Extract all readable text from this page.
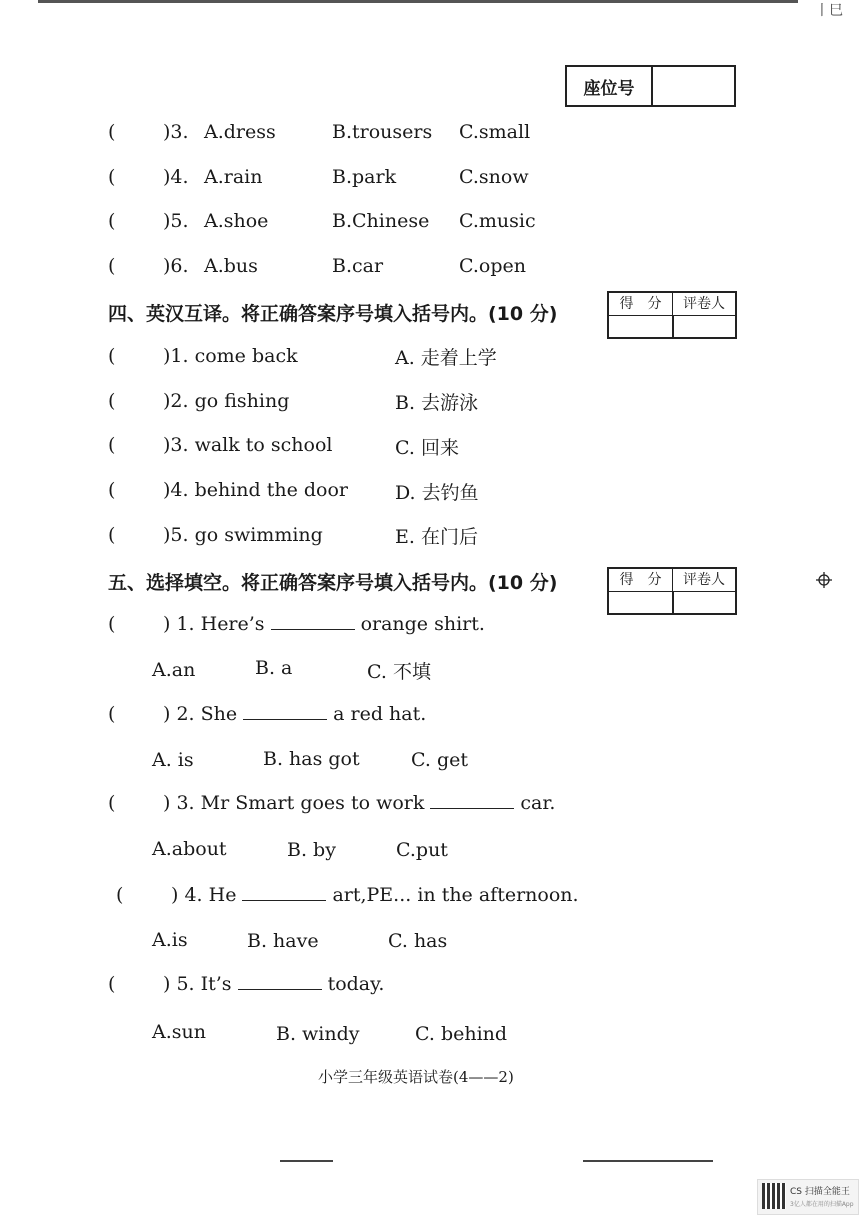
丨巳
座位号
(	)3. A.dress	B.trousers C.small
(	)4. A.rain	B.park	C.snow
(	)5. A.shoe	B.Chinese C.music
(	)6. A.bus	B.car	C.open
四、英汉互译。将正确答案序号填入括号内。(10 分)	得　分	评卷人
(	)1. come back	A. 走着上学
(	)2. go fishing	B. 去游泳
(	)3. walk to school	C. 回来
(	)4. behind the door D. 去钓鱼
(	)5. go swimming	E. 在门后
五、选择填空。将正确答案序号填入括号内。(10 分)	得　分	评卷人
(	) 1. Here’s	orange shirt.
A.an	B. a	C. 不填
(	) 2. She	a red hat.
A. is	B. has got	C. get
(	) 3. Mr Smart goes to work	car.
A.about	B. by	C.put
(	) 4. He	art,PE... in the afternoon.
A.is	B. have	C. has
(	) 5. It’s	today.
A.sun	B. windy	C. behind
小学三年级英语试卷(4——2)
CS 扫描全能王
3亿人都在用的扫描App
